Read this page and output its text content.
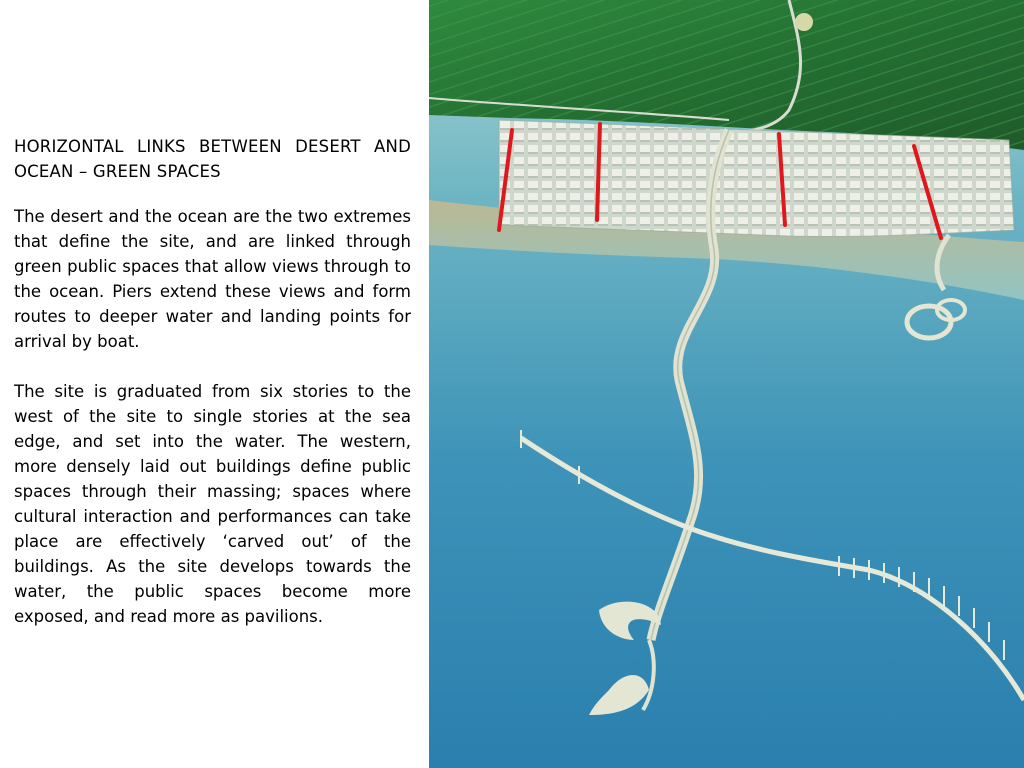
HORIZONTAL LINKS BETWEEN DESERT AND OCEAN – GREEN SPACES

The desert and the ocean are the two extremes that define the site, and are linked through green public spaces that allow views through to the ocean. Piers extend these views and form routes to deeper water and landing points for arrival by boat.

The site is graduated from six stories to the west of the site to single stories at the sea edge, and set into the water. The western, more densely laid out buildings define public spaces through their massing; spaces where cultural interaction and performances can take place are effectively ‘carved out’ of the buildings. As the site develops towards the water, the public spaces become more exposed, and read more as pavilions.
